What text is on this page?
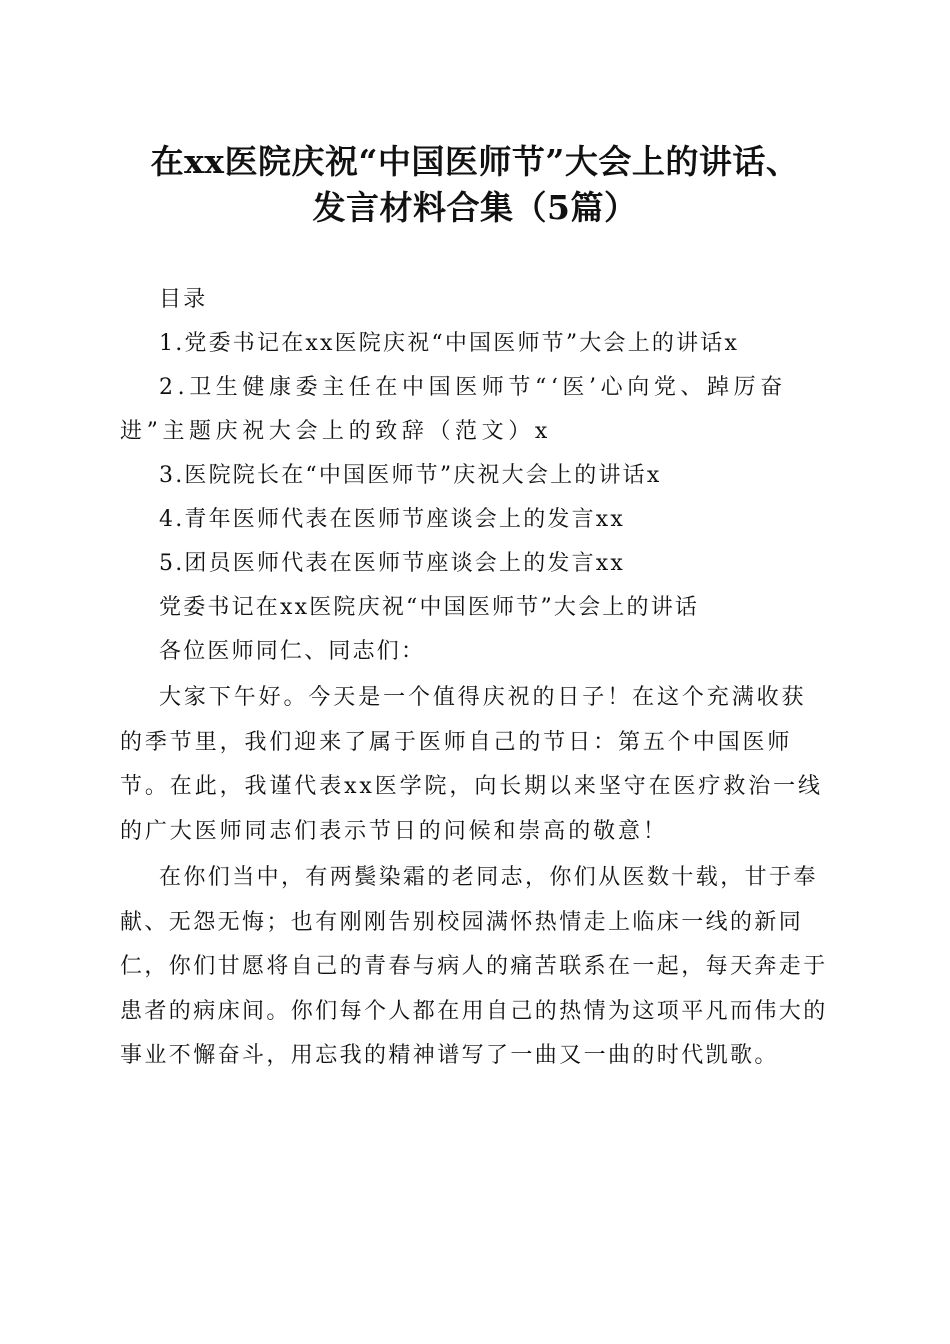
在xx医院庆祝“中国医师节”大会上的讲话、
发言材料合集（5篇）
目录
1.党委书记在xx医院庆祝“中国医师节”大会上的讲话x
2.卫生健康委主任在中国医师节“‘医’心向党、踔厉奋进”主题庆祝大会上的致辞（范文）x
3.医院院长在“中国医师节”庆祝大会上的讲话x
4.青年医师代表在医师节座谈会上的发言xx
5.团员医师代表在医师节座谈会上的发言xx
党委书记在xx医院庆祝“中国医师节”大会上的讲话
各位医师同仁、同志们：
大家下午好。今天是一个值得庆祝的日子！在这个充满收获的季节里，我们迎来了属于医师自己的节日：第五个中国医师节。在此，我谨代表xx医学院，向长期以来坚守在医疗救治一线的广大医师同志们表示节日的问候和崇高的敬意！
在你们当中，有两鬓染霜的老同志，你们从医数十载，甘于奉献、无怨无悔；也有刚刚告别校园满怀热情走上临床一线的新同仁，你们甘愿将自己的青春与病人的痛苦联系在一起，每天奔走于患者的病床间。你们每个人都在用自己的热情为这项平凡而伟大的事业不懈奋斗，用忘我的精神谱写了一曲又一曲的时代凯歌。
